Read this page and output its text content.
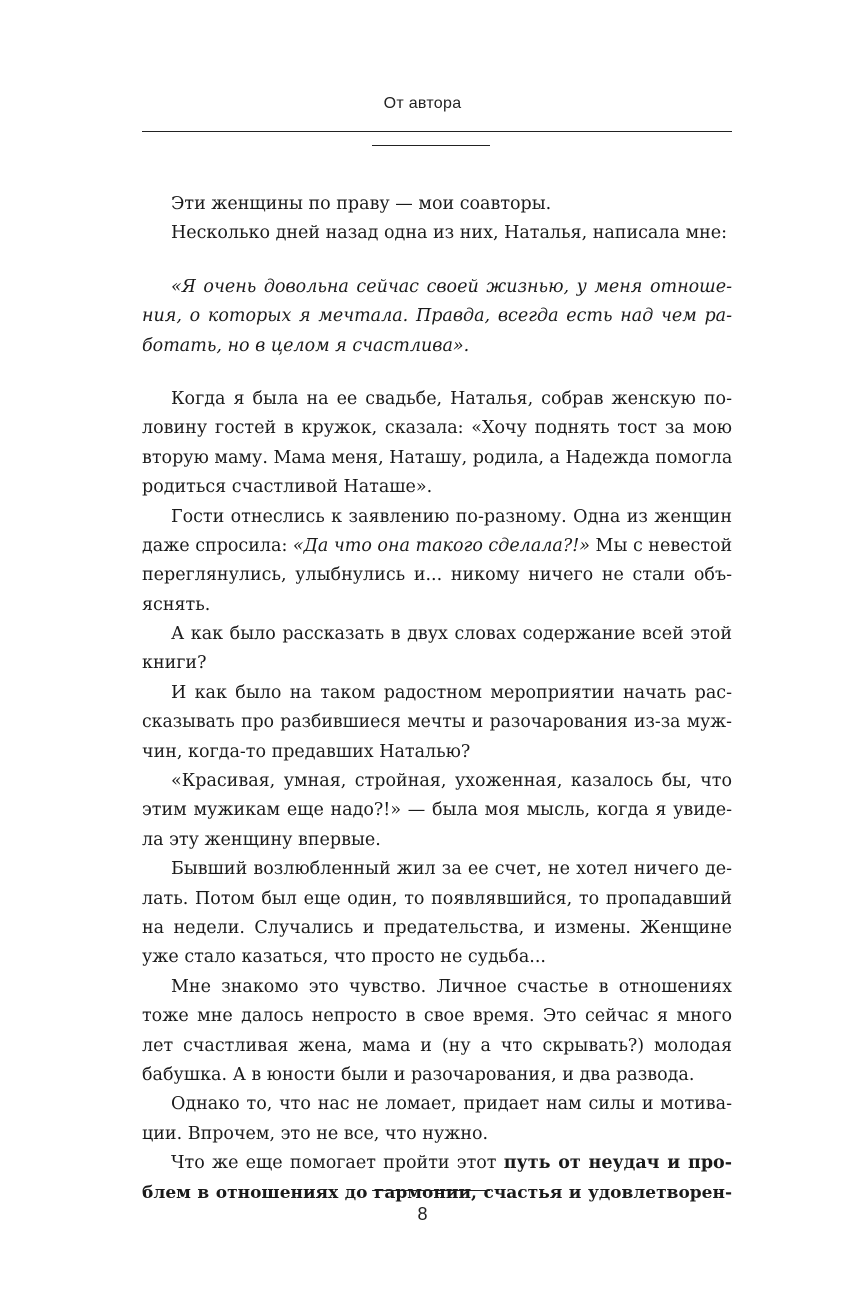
От автора
Эти женщины по праву — мои соавторы.
Несколько дней назад одна из них, Наталья, написала мне:
«Я очень довольна сейчас своей жизнью, у меня отноше-
ния, о которых я мечтала. Правда, всегда есть над чем ра-
ботать, но в целом я счастлива».
Когда я была на ее свадьбе, Наталья, собрав женскую по-
ловину гостей в кружок, сказала: «Хочу поднять тост за мою
вторую маму. Мама меня, Наташу, родила, а Надежда помогла
родиться счастливой Наташе».
Гости отнеслись к заявлению по-разному. Одна из женщин
даже спросила: «Да что она такого сделала?!» Мы с невестой
переглянулись, улыбнулись и... никому ничего не стали объ-
яснять.
А как было рассказать в двух словах содержание всей этой
книги?
И как было на таком радостном мероприятии начать рас-
сказывать про разбившиеся мечты и разочарования из-за муж-
чин, когда-то предавших Наталью?
«Красивая, умная, стройная, ухоженная, казалось бы, что
этим мужикам еще надо?!» — была моя мысль, когда я увиде-
ла эту женщину впервые.
Бывший возлюбленный жил за ее счет, не хотел ничего де-
лать. Потом был еще один, то появлявшийся, то пропадавший
на недели. Случались и предательства, и измены. Женщине
уже стало казаться, что просто не судьба...
Мне знакомо это чувство. Личное счастье в отношениях
тоже мне далось непросто в свое время. Это сейчас я много
лет счастливая жена, мама и (ну а что скрывать?) молодая
бабушка. А в юности были и разочарования, и два развода.
Однако то, что нас не ломает, придает нам силы и мотива-
ции. Впрочем, это не все, что нужно.
Что же еще помогает пройти этот путь от неудач и про-
блем в отношениях до гармонии, счастья и удовлетворен-
8
